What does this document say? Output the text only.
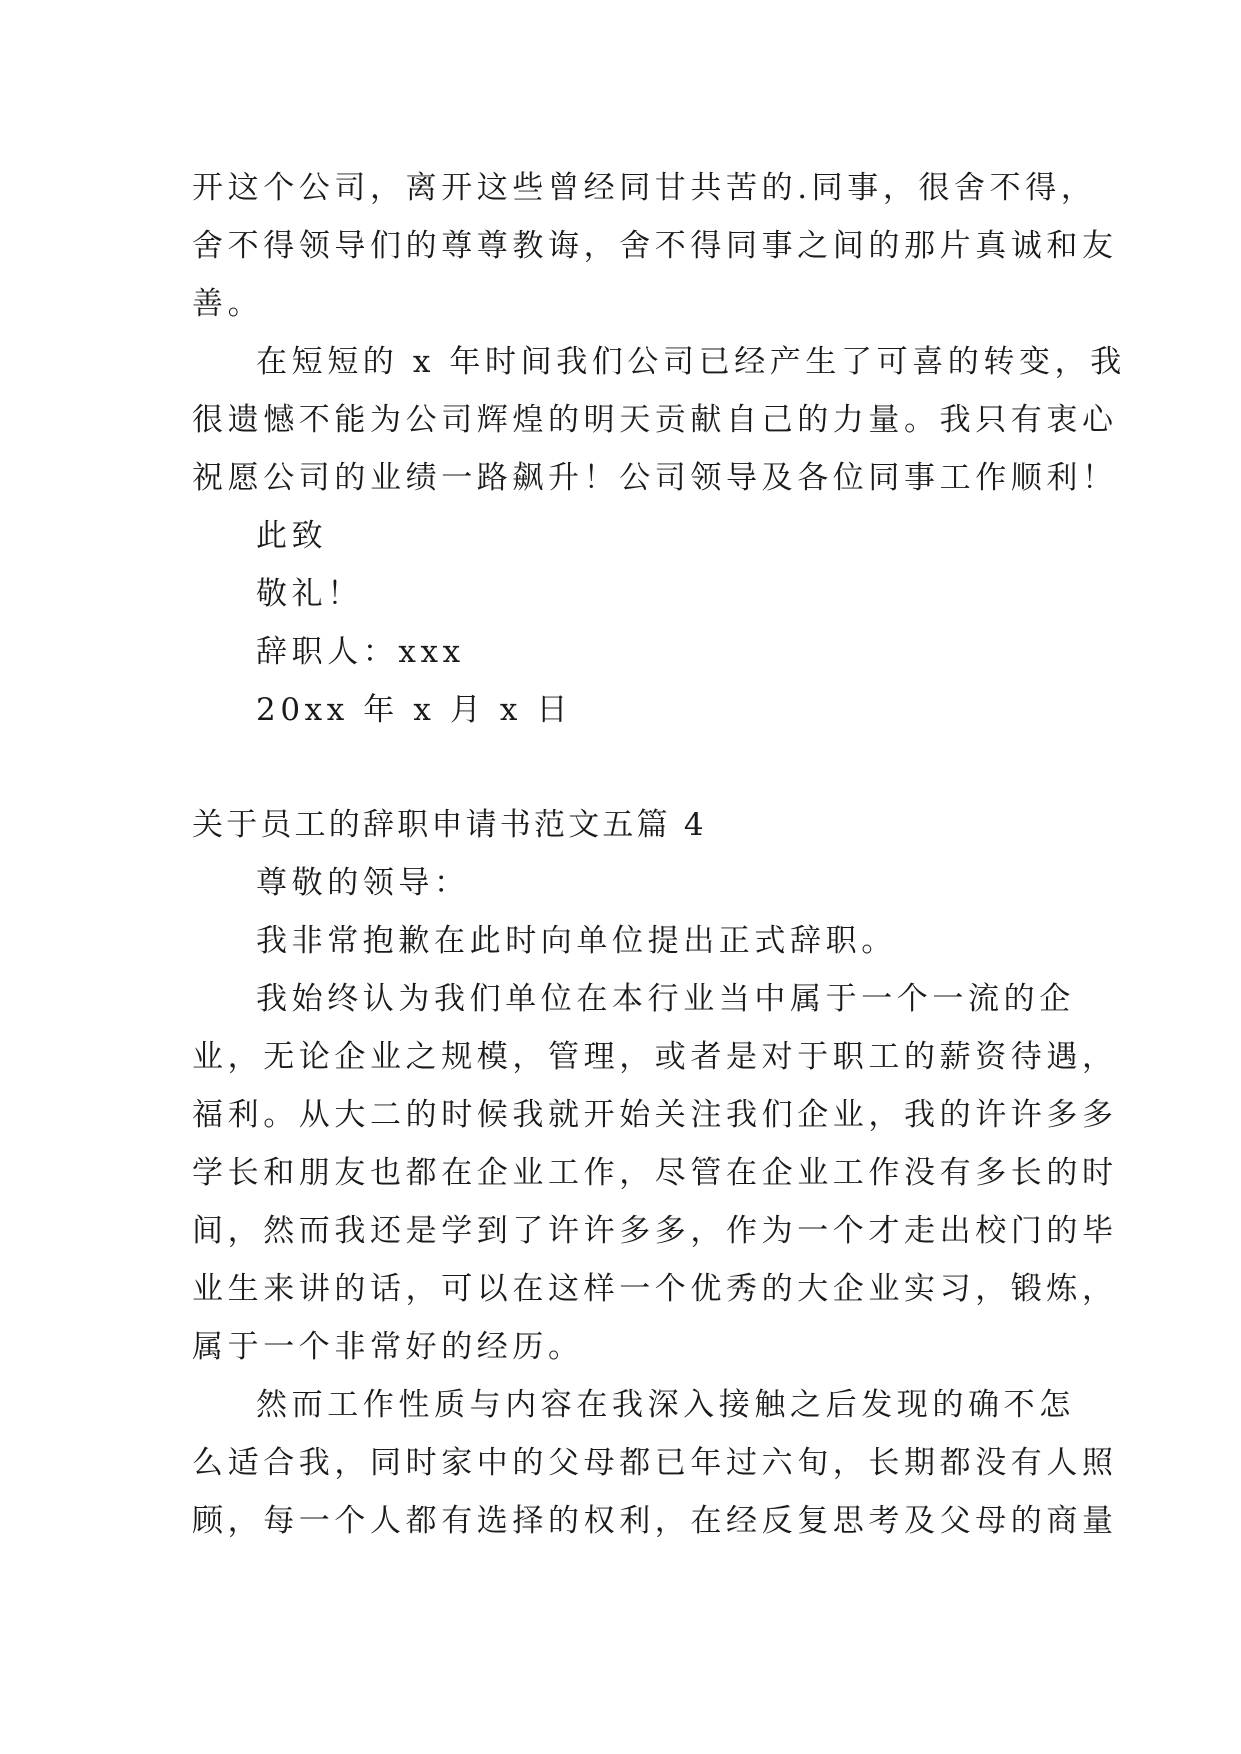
开这个公司，离开这些曾经同甘共苦的.同事，很舍不得，
舍不得领导们的尊尊教诲，舍不得同事之间的那片真诚和友
善。
在短短的 x 年时间我们公司已经产生了可喜的转变，我
很遗憾不能为公司辉煌的明天贡献自己的力量。我只有衷心
祝愿公司的业绩一路飙升！公司领导及各位同事工作顺利！
此致
敬礼！
辞职人：xxx
20xx 年 x 月 x 日
关于员工的辞职申请书范文五篇 4
尊敬的领导：
我非常抱歉在此时向单位提出正式辞职。
我始终认为我们单位在本行业当中属于一个一流的企
业，无论企业之规模，管理，或者是对于职工的薪资待遇，
福利。从大二的时候我就开始关注我们企业，我的许许多多
学长和朋友也都在企业工作，尽管在企业工作没有多长的时
间，然而我还是学到了许许多多，作为一个才走出校门的毕
业生来讲的话，可以在这样一个优秀的大企业实习，锻炼，
属于一个非常好的经历。
然而工作性质与内容在我深入接触之后发现的确不怎
么适合我，同时家中的父母都已年过六旬，长期都没有人照
顾，每一个人都有选择的权利，在经反复思考及父母的商量
